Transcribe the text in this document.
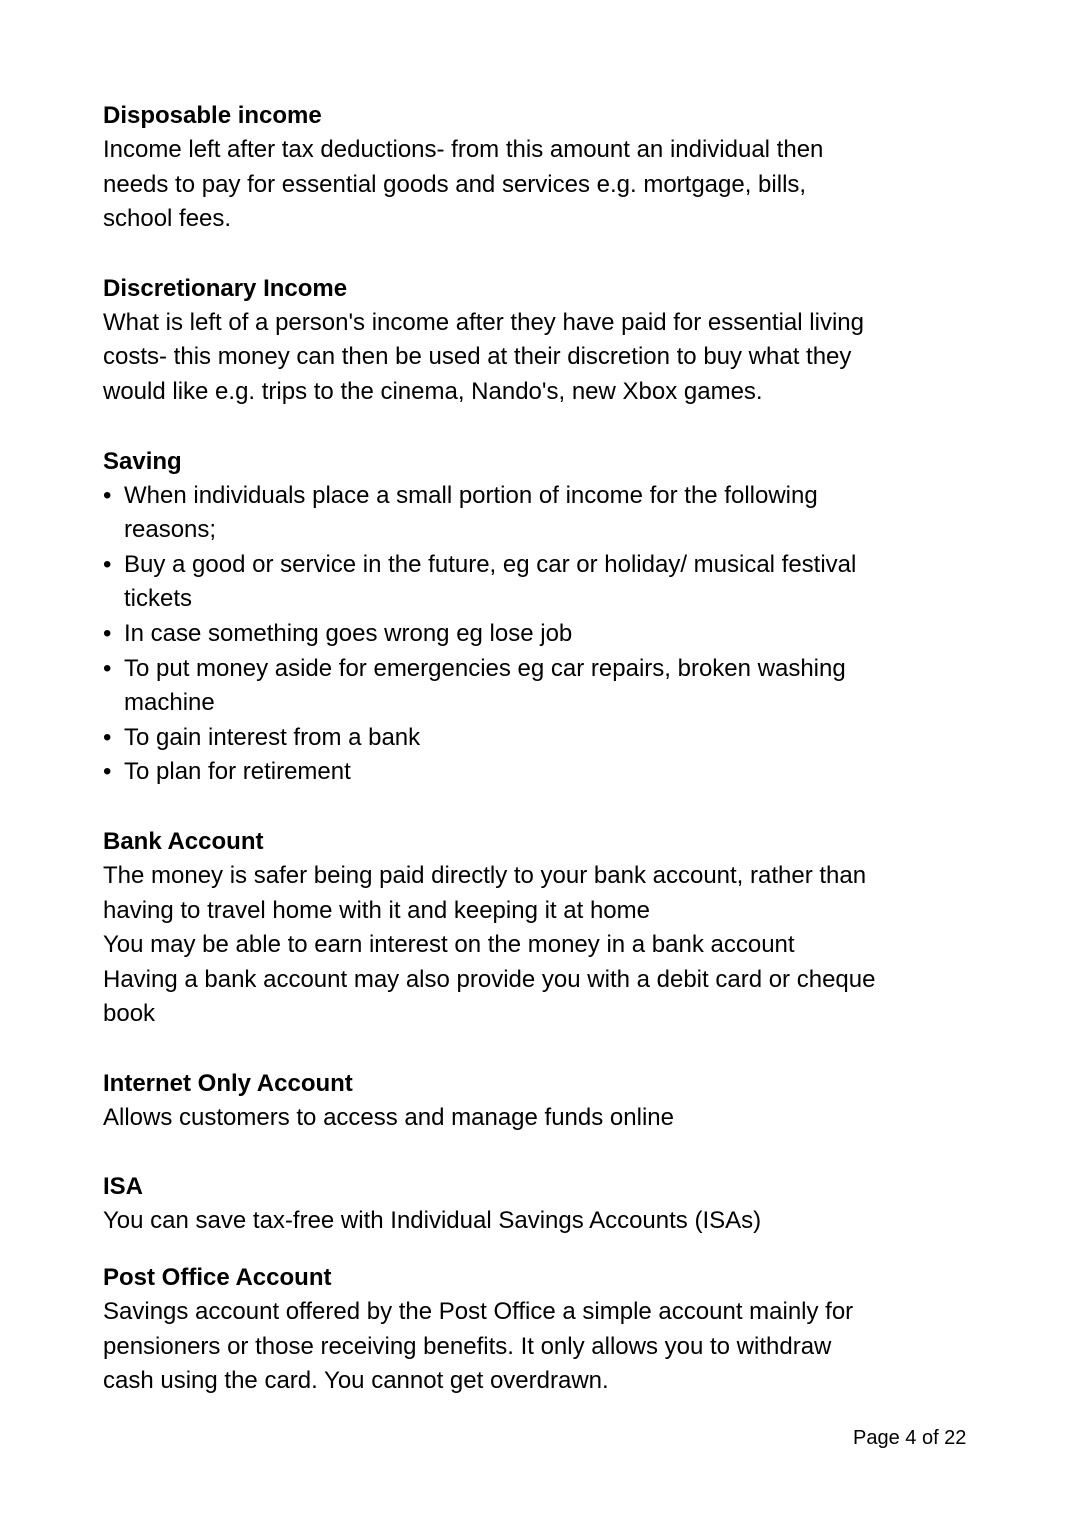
Disposable income

Income left after tax deductions- from this amount an individual then
needs to pay for essential goods and services e.g. mortgage, bills,
school fees.

Discretionary Income

What is left of a person's income after they have paid for essential living
costs- this money can then be used at their discretion to buy what they
would like e.g. trips to the cinema, Nando's, new Xbox games.

Saving

• When individuals place a small portion of income for the following
reasons;
• Buy a good or service in the future, eg car or holiday/ musical festival
tickets
• In case something goes wrong eg lose job
• To put money aside for emergencies eg car repairs, broken washing
machine
• To gain interest from a bank
• To plan for retirement

Bank Account

The money is safer being paid directly to your bank account, rather than
having to travel home with it and keeping it at home
You may be able to earn interest on the money in a bank account
Having a bank account may also provide you with a debit card or cheque
book

Internet Only Account

Allows customers to access and manage funds online

ISA

You can save tax-free with Individual Savings Accounts (ISAs)

Post Office Account

Savings account offered by the Post Office a simple account mainly for
pensioners or those receiving benefits. It only allows you to withdraw
cash using the card. You cannot get overdrawn.

Page 4 of 22
